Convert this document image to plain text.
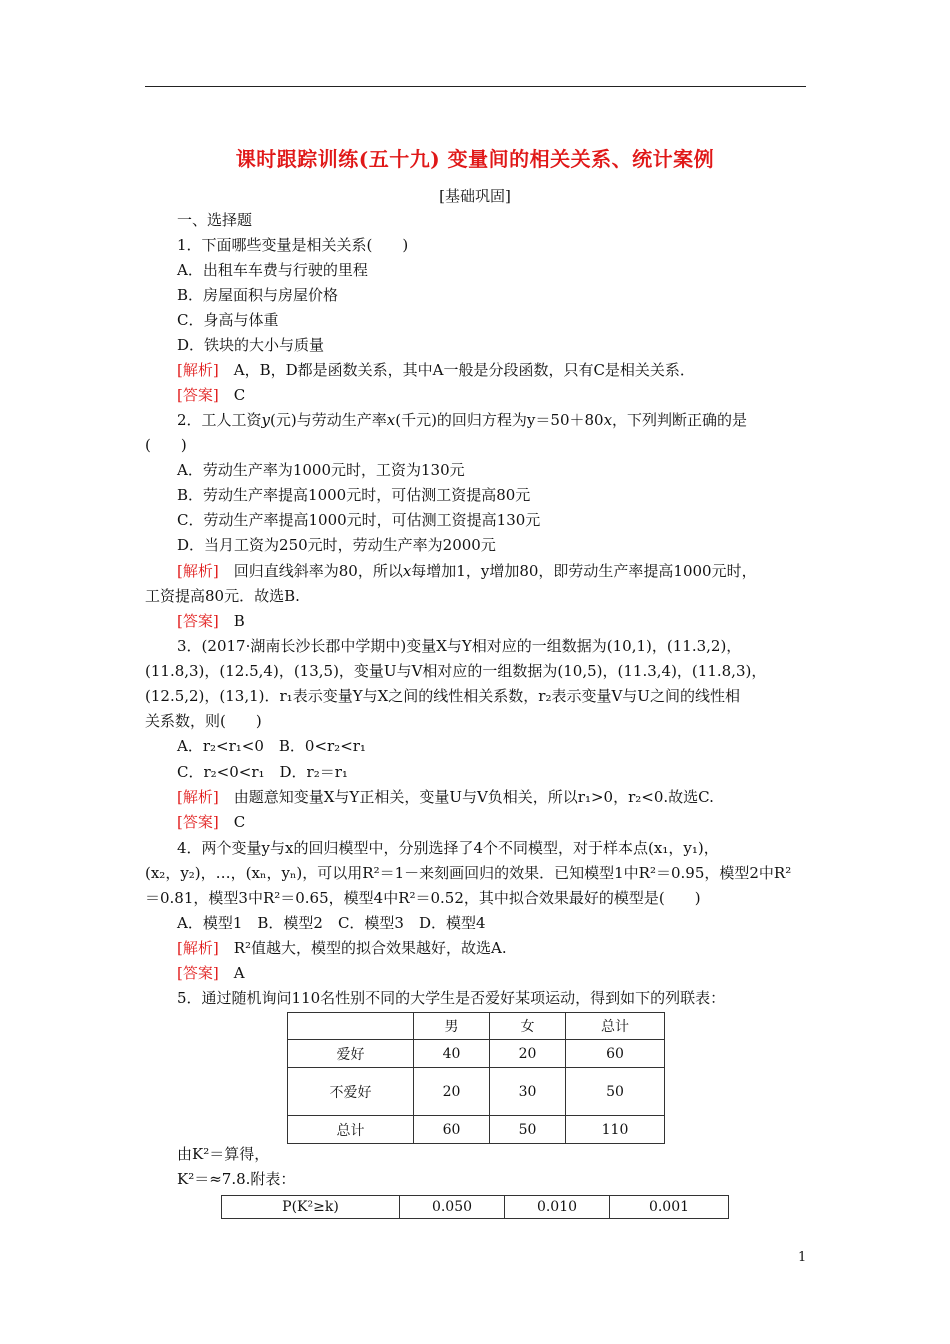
课时跟踪训练(五十九) 变量间的相关关系、统计案例
[基础巩固]
一、选择题
1．下面哪些变量是相关关系(　　)
A．出租车车费与行驶的里程
B．房屋面积与房屋价格
C．身高与体重
D．铁块的大小与质量
[解析]　 A，B，D都是函数关系，其中A一般是分段函数，只有C是相关关系．
[答案]　 C
2．工人工资y(元)与劳动生产率x(千元)的回归方程为y＝50＋80x，下列判断正确的是
(　　)
A．劳动生产率为1000元时，工资为130元
B．劳动生产率提高1000元时，可估测工资提高80元
C．劳动生产率提高1000元时，可估测工资提高130元
D．当月工资为250元时，劳动生产率为2000元
[解析]　 回归直线斜率为80，所以x每增加1，y增加80，即劳动生产率提高1000元时，
工资提高80元．故选B.
[答案]　 B
3．(2017·湖南长沙长郡中学期中)变量X与Y相对应的一组数据为(10,1)，(11.3,2)，
(11.8,3)，(12.5,4)，(13,5)，变量U与V相对应的一组数据为(10,5)，(11.3,4)，(11.8,3)，
(12.5,2)，(13,1)．r₁表示变量Y与X之间的线性相关系数，r₂表示变量V与U之间的线性相
关系数，则(　　)
A．r₂<r₁<0　B．0<r₂<r₁
C．r₂<0<r₁　D．r₂＝r₁
[解析]　 由题意知变量X与Y正相关，变量U与V负相关，所以r₁>0，r₂<0.故选C.
[答案]　 C
4．两个变量y与x的回归模型中，分别选择了4个不同模型，对于样本点(x₁，y₁)，
(x₂，y₂)，…，(xₙ，yₙ)，可以用R²＝1－来刻画回归的效果．已知模型1中R²＝0.95，模型2中R²
＝0.81，模型3中R²＝0.65，模型4中R²＝0.52，其中拟合效果最好的模型是(　　)
A．模型1　B．模型2　C．模型3　D．模型4
[解析]　 R²值越大，模型的拟合效果越好，故选A.
[答案]　 A
5．通过随机询问110名性别不同的大学生是否爱好某项运动，得到如下的列联表：
	男	女	总计
爱好	40	20	60
不爱好	20	30	50
总计	60	50	110
由K²＝算得，
K²＝≈7.8.附表：
P(K²≥k)	0.050	0.010	0.001
1
